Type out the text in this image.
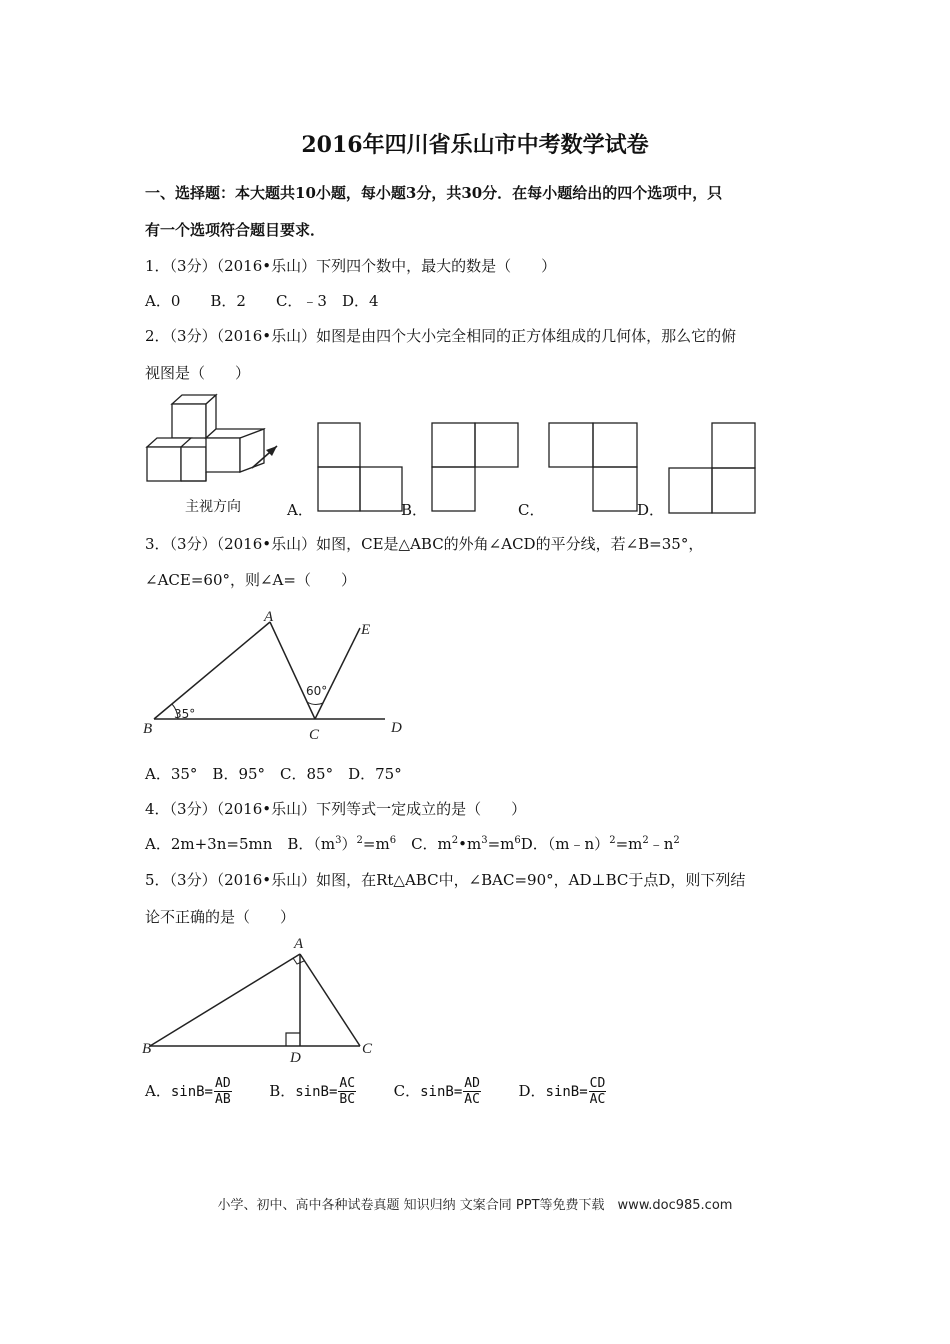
2016年四川省乐山市中考数学试卷
一、选择题：本大题共10小题，每小题3分，共30分．在每小题给出的四个选项中，只
有一个选项符合题目要求．
1．（3分）（2016•乐山）下列四个数中，最大的数是（　　）
A．0　　B．2　　C．﹣3　D．4
2．（3分）（2016•乐山）如图是由四个大小完全相同的正方体组成的几何体，那么它的俯
视图是（　　）
主视方向	A．	B．	C．	D．
3．（3分）（2016•乐山）如图，CE是△ABC的外角∠ACD的平分线，若∠B=35°，
∠ACE=60°，则∠A=（　　）
A
B	C	D
E
35°
60°
A．35°　B．95°　C．85°　D．75°
4．（3分）（2016•乐山）下列等式一定成立的是（　　）
A．2m+3n=5mn　B．$(m^3)^2=m^6$　C．$m^2•m^3=m^6D$．$(m﹣n)^2=m^2﹣n^2$
5．（3分）（2016•乐山）如图，在Rt△ABC中，∠BAC=90°，AD⊥BC于点D，则下列结
论不正确的是（　　）
A
B	C
D
A．$\sin B= \frac{AD}{AB}$	B．$\sin B= \frac{AC}{BC}$	C．$\sin B= \frac{AD}{AC}$	D．$\sin B= \frac{CD}{AC}$
小学、初中、高中各种试卷真题 知识归纳 文案合同 PPT等免费下载　www.doc985.com
